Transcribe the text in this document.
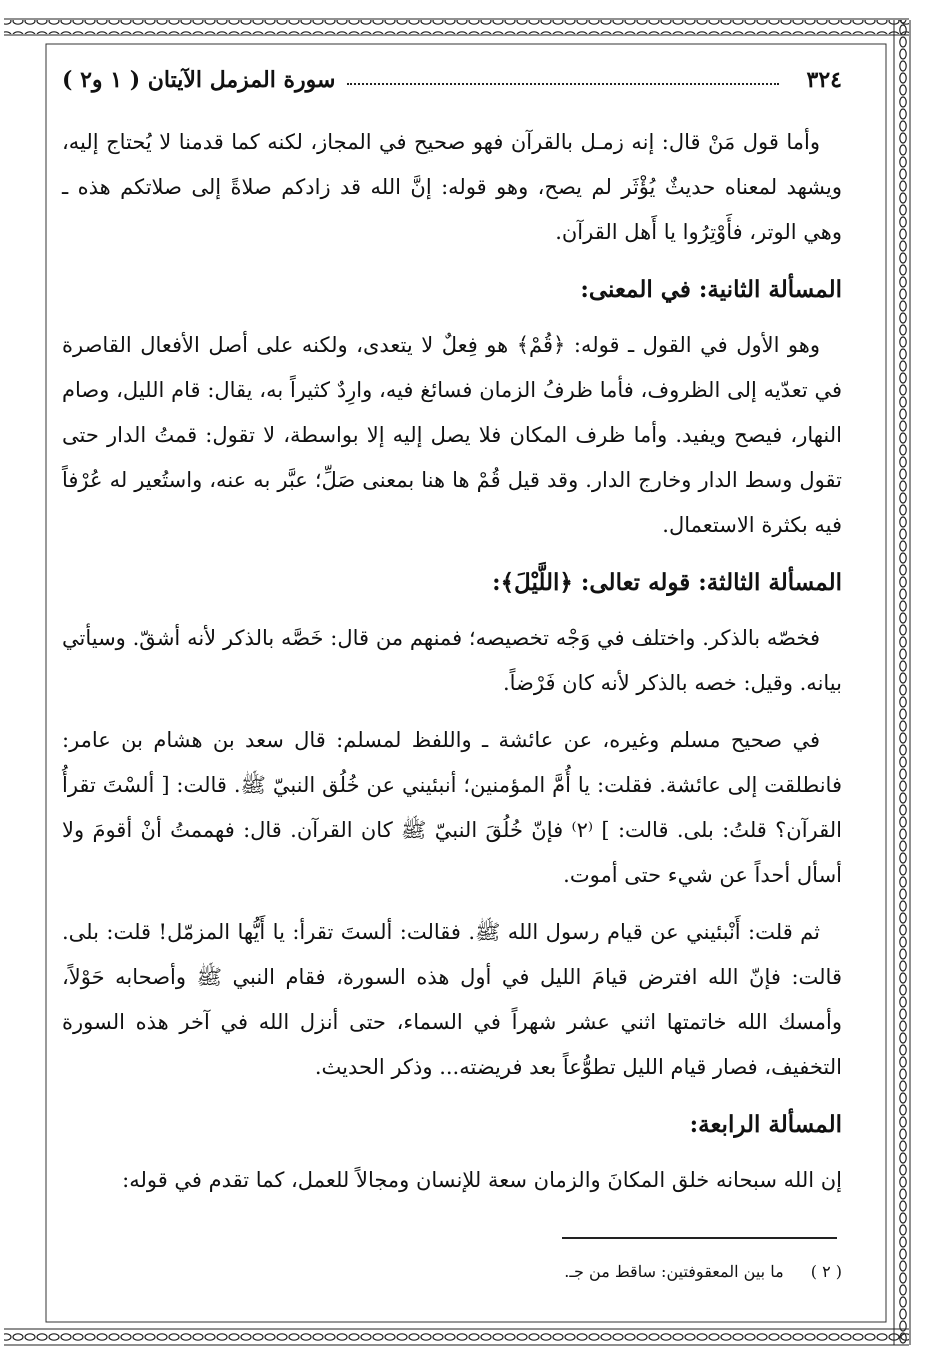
٣٢٤
سورة المزمل الآيتان ( ١ و٢ )

وأما قول مَنْ قال: إنه زمـل بالقرآن فهو صحيح في المجاز، لكنه كما قدمنا لا يُحتاج إليه، ويشهد لمعناه حديثٌ يُؤْثَر لم يصح، وهو قوله: إنَّ الله قد زادكم صلاةً إلى صلاتكم هذه ـ وهي الوتر، فأَوْتِرُوا يا أَهل القرآن.

المسألة الثانية: في المعنى:

وهو الأول في القول ـ قوله: ﴿قُمْ﴾ هو فِعلٌ لا يتعدى، ولكنه على أصل الأفعال القاصرة في تعدّيه إلى الظروف، فأما ظرفُ الزمان فسائغ فيه، وارِدٌ كثيراً به، يقال: قام الليل، وصام النهار، فيصح ويفيد. وأما ظرف المكان فلا يصل إليه إلا بواسطة، لا تقول: قمتُ الدار حتى تقول وسط الدار وخارج الدار. وقد قيل قُمْ ها هنا بمعنى صَلِّ؛ عبَّر به عنه، واستُعير له عُرْفاً فيه بكثرة الاستعمال.

المسألة الثالثة: قوله تعالى: ﴿اللَّيْلَ﴾:

فخصّه بالذكر. واختلف في وَجْه تخصيصه؛ فمنهم من قال: خَصَّه بالذكر لأنه أشقّ. وسيأتي بيانه. وقيل: خصه بالذكر لأنه كان فَرْضاً.

في صحيح مسلم وغيره، عن عائشة ـ واللفظ لمسلم: قال سعد بن هشام بن عامر: فانطلقت إلى عائشة. فقلت: يا أُمَّ المؤمنين؛ أنبئيني عن خُلُق النبيّ ﷺ. قالت: [ ألسْتَ تقرأُ القرآن؟ قلتُ: بلى. قالت: ] ⁽٢⁾ فإنّ خُلُقَ النبيّ ﷺ كان القرآن. قال: فهممتُ أنْ أقومَ ولا أسأل أحداً عن شيء حتى أموت.

ثم قلت: أَنْبئيني عن قيام رسول الله ﷺ. فقالت: ألستَ تقرأ: يا أَيُّها المزمّل! قلت: بلى. قالت: فإنّ الله افترض قيامَ الليل في أول هذه السورة، فقام النبي ﷺ وأصحابه حَوْلاً، وأمسك الله خاتمتها اثني عشر شهراً في السماء، حتى أنزل الله في آخر هذه السورة التخفيف، فصار قيام الليل تطوُّعاً بعد فريضته... وذكر الحديث.

المسألة الرابعة:

إن الله سبحانه خلق المكانَ والزمان سعة للإنسان ومجالاً للعمل، كما تقدم في قوله:

( ٢ ) ما بين المعقوفتين: ساقط من جـ.
